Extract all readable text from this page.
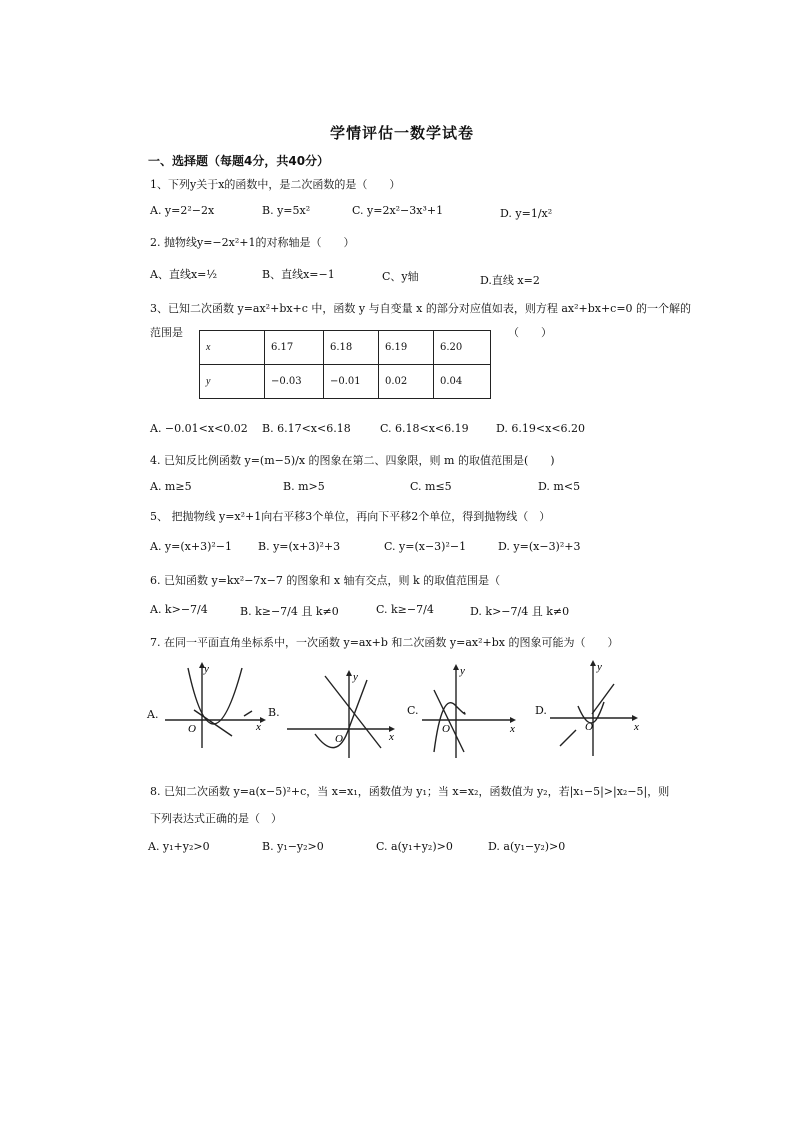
学情评估一数学试卷
一、选择题（每题4分，共40分）
1、下列y关于x的函数中，是二次函数的是（　　）
A. y=2²−2x	B. y=5x²	C. y=2x²−3x³+1	D. y=1/x²
2. 抛物线y=−2x²+1的对称轴是（　　）
A、直线x=½	B、直线x=−1	C、y轴	D.直线 x=2
3、已知二次函数 y=ax²+bx+c 中，函数 y 与自变量 x 的部分对应值如表，则方程 ax²+bx+c=0 的一个解的
范围是	（　　）
x	6.17	6.18	6.19	6.20
y	−0.03	−0.01	0.02	0.04
A. −0.01<x<0.02 B. 6.17<x<6.18	C. 6.18<x<6.19 D. 6.19<x<6.20
4. 已知反比例函数 y=(m−5)/x 的图象在第二、四象限，则 m 的取值范围是(　　)
A. m≥5	B. m>5	C. m≤5	D. m<5
5、 把抛物线 y=x²+1向右平移3个单位，再向下平移2个单位，得到抛物线（　）
A. y=(x+3)²−1 B. y=(x+3)²+3	C. y=(x−3)²−1	D. y=(x−3)²+3
6. 已知函数 y=kx²−7x−7 的图象和 x 轴有交点，则 k 的取值范围是（
A. k>−7/4	B. k≥−7/4 且 k≠0	C. k≥−7/4	D. k>−7/4 且 k≠0
7. 在同一平面直角坐标系中，一次函数 y=ax+b 和二次函数 y=ax²+bx 的图象可能为（　　）
A.
y
x
O
B.
y
x
O
C.
y
x
O
D.
y
x
O
8. 已知二次函数 y=a(x−5)²+c，当 x=x₁，函数值为 y₁；当 x=x₂，函数值为 y₂，若|x₁−5|>|x₂−5|，则
下列表达式正确的是（　）
A. y₁+y₂>0	B. y₁−y₂>0	C. a(y₁+y₂)>0	D. a(y₁−y₂)>0
